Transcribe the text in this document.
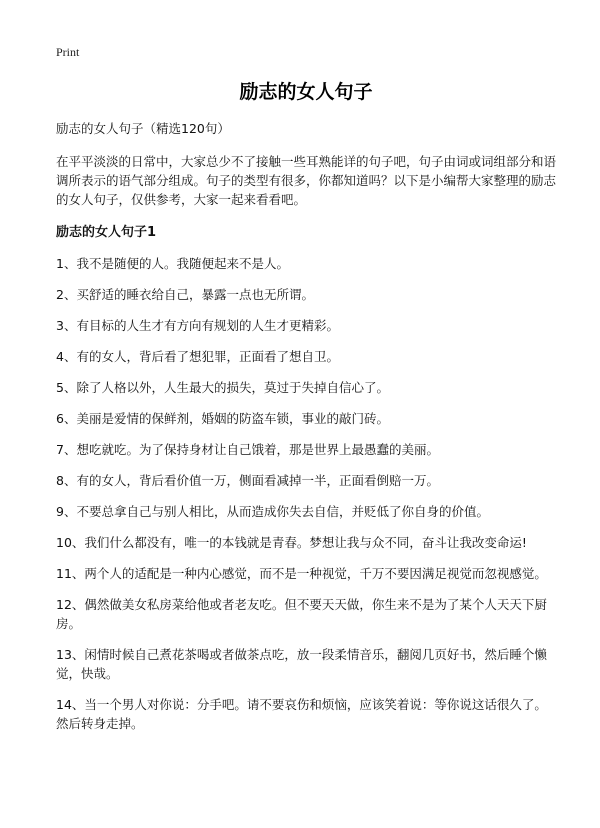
Print
励志的女人句子

励志的女人句子（精选120句）

在平平淡淡的日常中，大家总少不了接触一些耳熟能详的句子吧，句子由词或词组部分和语调所表示的语气部分组成。句子的类型有很多，你都知道吗？以下是小编帮大家整理的励志的女人句子，仅供参考，大家一起来看看吧。

励志的女人句子1
1、我不是随便的人。我随便起来不是人。
2、买舒适的睡衣给自己，暴露一点也无所谓。
3、有目标的人生才有方向有规划的人生才更精彩。
4、有的女人，背后看了想犯罪，正面看了想自卫。
5、除了人格以外，人生最大的损失，莫过于失掉自信心了。
6、美丽是爱情的保鲜剂，婚姻的防盗车锁，事业的敲门砖。
7、想吃就吃。为了保持身材让自己饿着，那是世界上最愚蠢的美丽。
8、有的女人，背后看价值一万，侧面看减掉一半，正面看倒赔一万。
9、不要总拿自己与别人相比，从而造成你失去自信，并贬低了你自身的价值。
10、我们什么都没有，唯一的本钱就是青春。梦想让我与众不同，奋斗让我改变命运!
11、两个人的适配是一种内心感觉，而不是一种视觉，千万不要因满足视觉而忽视感觉。
12、偶然做美女私房菜给他或者老友吃。但不要天天做，你生来不是为了某个人天天下厨房。
13、闲情时候自己煮花茶喝或者做茶点吃，放一段柔情音乐，翻阅几页好书，然后睡个懒觉，快哉。
14、当一个男人对你说：分手吧。请不要哀伤和烦恼，应该笑着说：等你说这话很久了。然后转身走掉。
